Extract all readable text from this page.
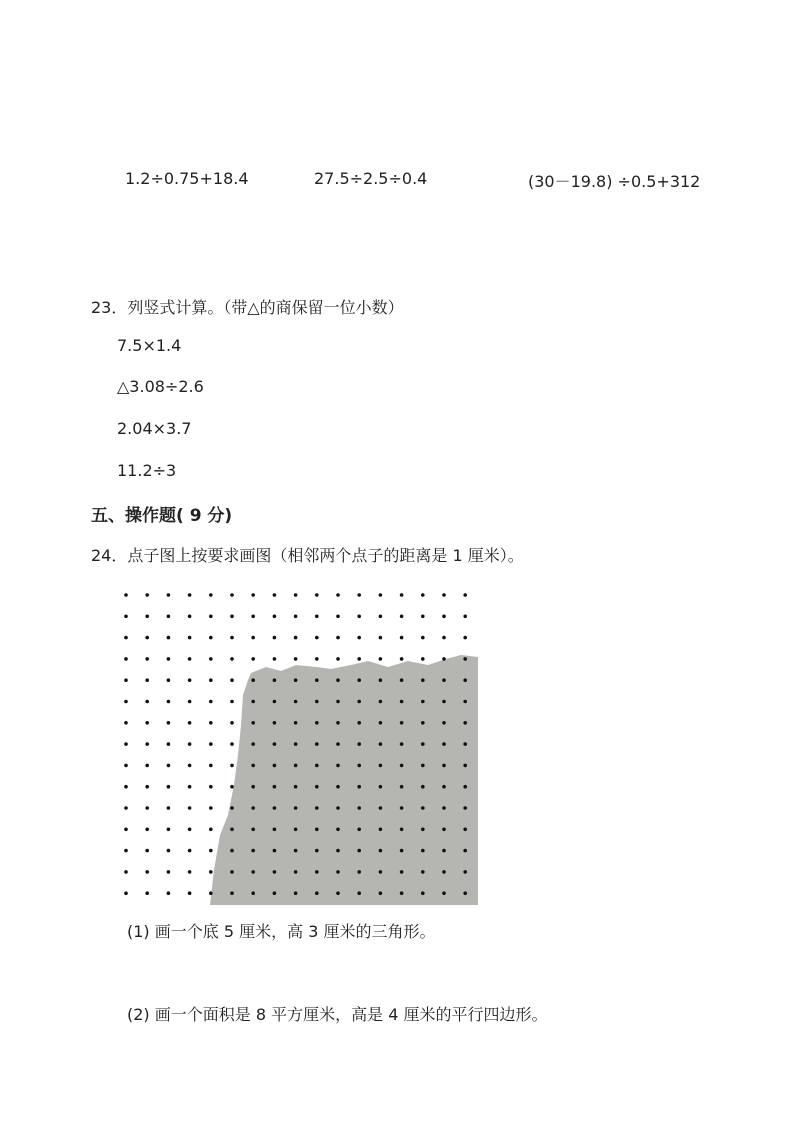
1.2÷0.75+18.4	27.5÷2.5÷0.4	(30－19.8) ÷0.5+312
23．列竖式计算。（带△的商保留一位小数）
7.5×1.4
△3.08÷2.6
2.04×3.7
11.2÷3
五、操作题( 9 分)
24．点子图上按要求画图（相邻两个点子的距离是 1 厘米）。
(1) 画一个底 5 厘米，高 3 厘米的三角形。
(2) 画一个面积是 8 平方厘米，高是 4 厘米的平行四边形。
